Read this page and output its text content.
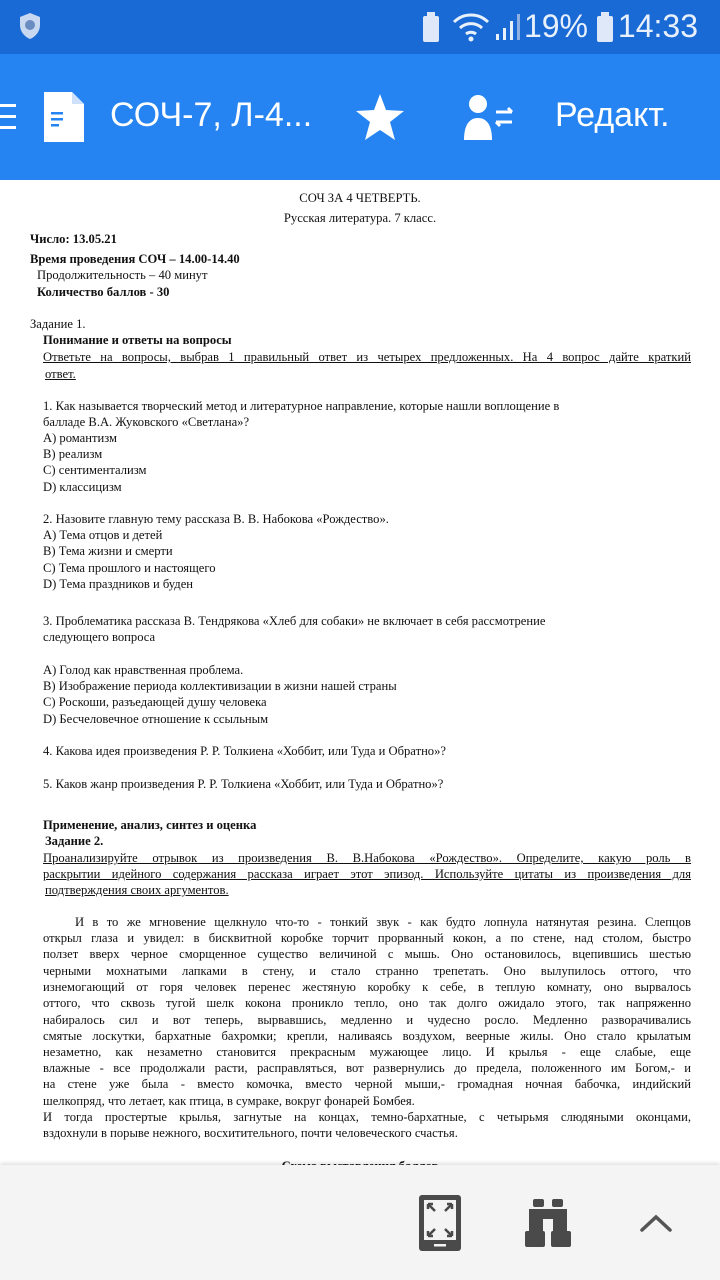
19% 14:33
СОЧ-7, Л-4...	Редакт.
СОЧ ЗА 4 ЧЕТВЕРТЬ.
Русская литература. 7 класс.
Число: 13.05.21
Время проведения СОЧ – 14.00-14.40
Продолжительность – 40 минут
Количество баллов - 30
Задание 1.
Понимание и ответы на вопросы
Ответьте на вопросы, выбрав 1 правильный ответ из четырех предложенных. На 4 вопрос дайте краткий
ответ.
1. Как называется творческий метод и литературное направление, которые нашли воплощение в
балладе В.А. Жуковского «Светлана»?
A) романтизм
B) реализм
C) сентиментализм
D) классицизм
2. Назовите главную тему рассказа В. В. Набокова «Рождество».
A) Тема отцов и детей
B) Тема жизни и смерти
C) Тема прошлого и настоящего
D) Тема праздников и буден
3. Проблематика рассказа В. Тендрякова «Хлеб для собаки» не включает в себя рассмотрение
следующего вопроса
A) Голод как нравственная проблема.
B) Изображение периода коллективизации в жизни нашей страны
C) Роскоши, разъедающей душу человека
D) Бесчеловечное отношение к ссыльным
4. Какова идея произведения Р. Р. Толкиена «Хоббит, или Туда и Обратно»?
5. Каков жанр произведения Р. Р. Толкиена «Хоббит, или Туда и Обратно»?
Применение, анализ, синтез и оценка
Задание 2.
Проанализируйте отрывок из произведения В. В.Набокова «Рождество». Определите, какую роль в
раскрытии идейного содержания рассказа играет этот эпизод. Используйте цитаты из произведения для
подтверждения своих аргументов.
И в то же мгновение щелкнуло что-то - тонкий звук - как будто лопнула натянутая резина. Слепцов
открыл глаза и увидел: в бисквитной коробке торчит прорванный кокон, а по стене, над столом, быстро
ползет вверх черное сморщенное существо величиной с мышь. Оно остановилось, вцепившись шестью
черными мохнатыми лапками в стену, и стало странно трепетать. Оно вылупилось оттого, что
изнемогающий от горя человек перенес жестяную коробку к себе, в теплую комнату, оно вырвалось
оттого, что сквозь тугой шелк кокона проникло тепло, оно так долго ожидало этого, так напряженно
набиралось сил и вот теперь, вырвавшись, медленно и чудесно росло. Медленно разворачивались
смятые лоскутки, бархатные бахромки; крепли, наливаясь воздухом, веерные жилы. Оно стало крылатым
незаметно, как незаметно становится прекрасным мужающее лицо. И крылья - еще слабые, еще
влажные - все продолжали расти, расправляться, вот развернулись до предела, положенного им Богом,- и
на стене уже была - вместо комочка, вместо черной мыши,- громадная ночная бабочка, индийский
шелкопряд, что летает, как птица, в сумраке, вокруг фонарей Бомбея.
И тогда простертые крылья, загнутые на концах, темно-бархатные, с четырьмя слюдяными оконцами,
вздохнули в порыве нежного, восхитительного, почти человеческого счастья.
